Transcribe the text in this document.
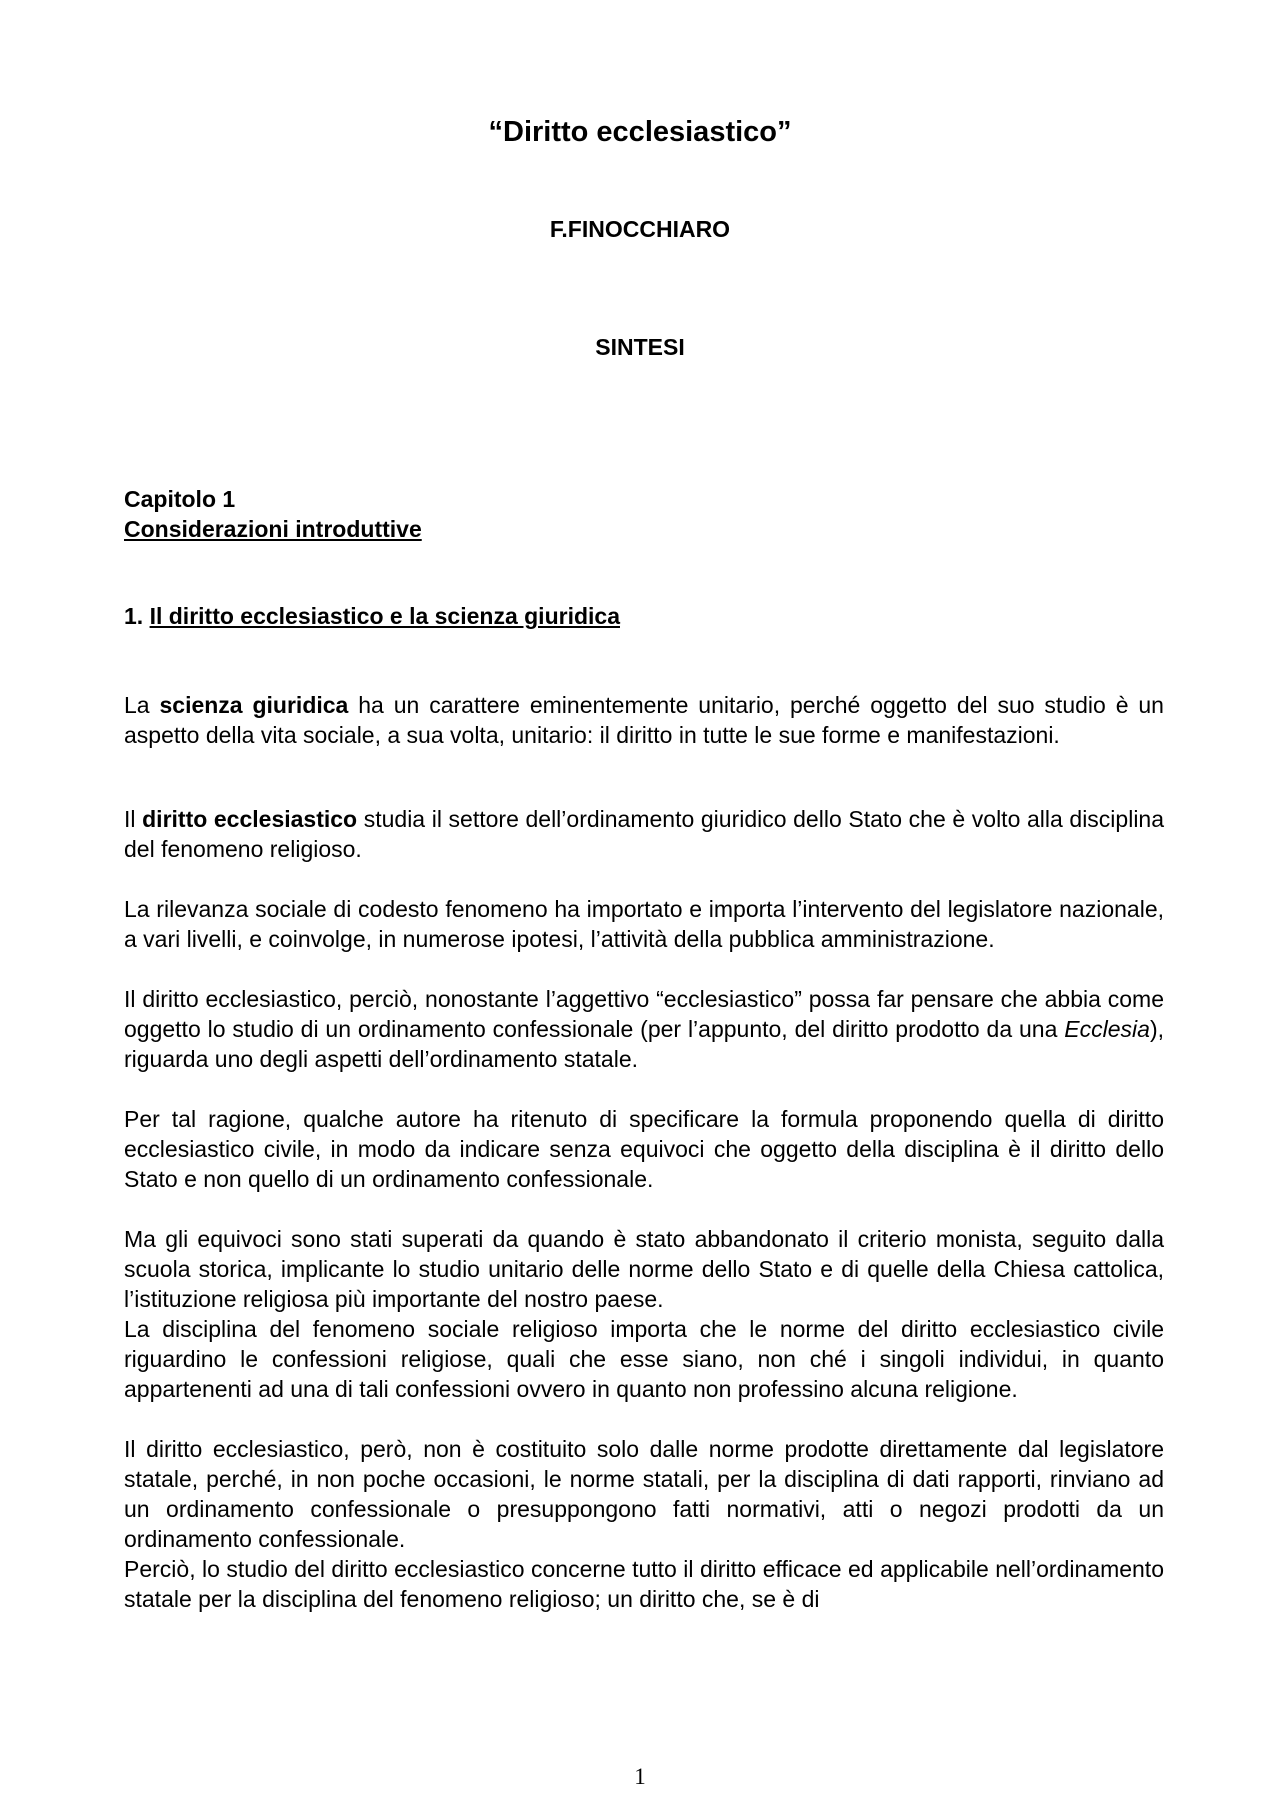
“Diritto ecclesiastico”
F.FINOCCHIARO
SINTESI
Capitolo 1
Considerazioni introduttive
1. Il diritto ecclesiastico e la scienza giuridica

La scienza giuridica ha un carattere eminentemente unitario, perché oggetto del suo studio è un aspetto della vita sociale, a sua volta, unitario: il diritto in tutte le sue forme e manifestazioni.

Il diritto ecclesiastico studia il settore dell’ordinamento giuridico dello Stato che è volto alla disciplina del fenomeno religioso.

La rilevanza sociale di codesto fenomeno ha importato e importa l’intervento del legislatore nazionale, a vari livelli, e coinvolge, in numerose ipotesi, l’attività della pubblica amministrazione.

Il diritto ecclesiastico, perciò, nonostante l’aggettivo “ecclesiastico” possa far pensare che abbia come oggetto lo studio di un ordinamento confessionale (per l’appunto, del diritto prodotto da una Ecclesia), riguarda uno degli aspetti dell’ordinamento statale.

Per tal ragione, qualche autore ha ritenuto di specificare la formula proponendo quella di diritto ecclesiastico civile, in modo da indicare senza equivoci che oggetto della disciplina è il diritto dello Stato e non quello di un ordinamento confessionale.

Ma gli equivoci sono stati superati da quando è stato abbandonato il criterio monista, seguito dalla scuola storica, implicante lo studio unitario delle norme dello Stato e di quelle della Chiesa cattolica, l’istituzione religiosa più importante del nostro paese.

La disciplina del fenomeno sociale religioso importa che le norme del diritto ecclesiastico civile riguardino le confessioni religiose, quali che esse siano, non ché i singoli individui, in quanto appartenenti ad una di tali confessioni ovvero in quanto non professino alcuna religione.

Il diritto ecclesiastico, però, non è costituito solo dalle norme prodotte direttamente dal legislatore statale, perché, in non poche occasioni, le norme statali, per la disciplina di dati rapporti, rinviano ad un ordinamento confessionale o presuppongono fatti normativi, atti o negozi prodotti da un ordinamento confessionale.

Perciò, lo studio del diritto ecclesiastico concerne tutto il diritto efficace ed applicabile nell’ordinamento statale per la disciplina del fenomeno religioso; un diritto che, se è di

1
